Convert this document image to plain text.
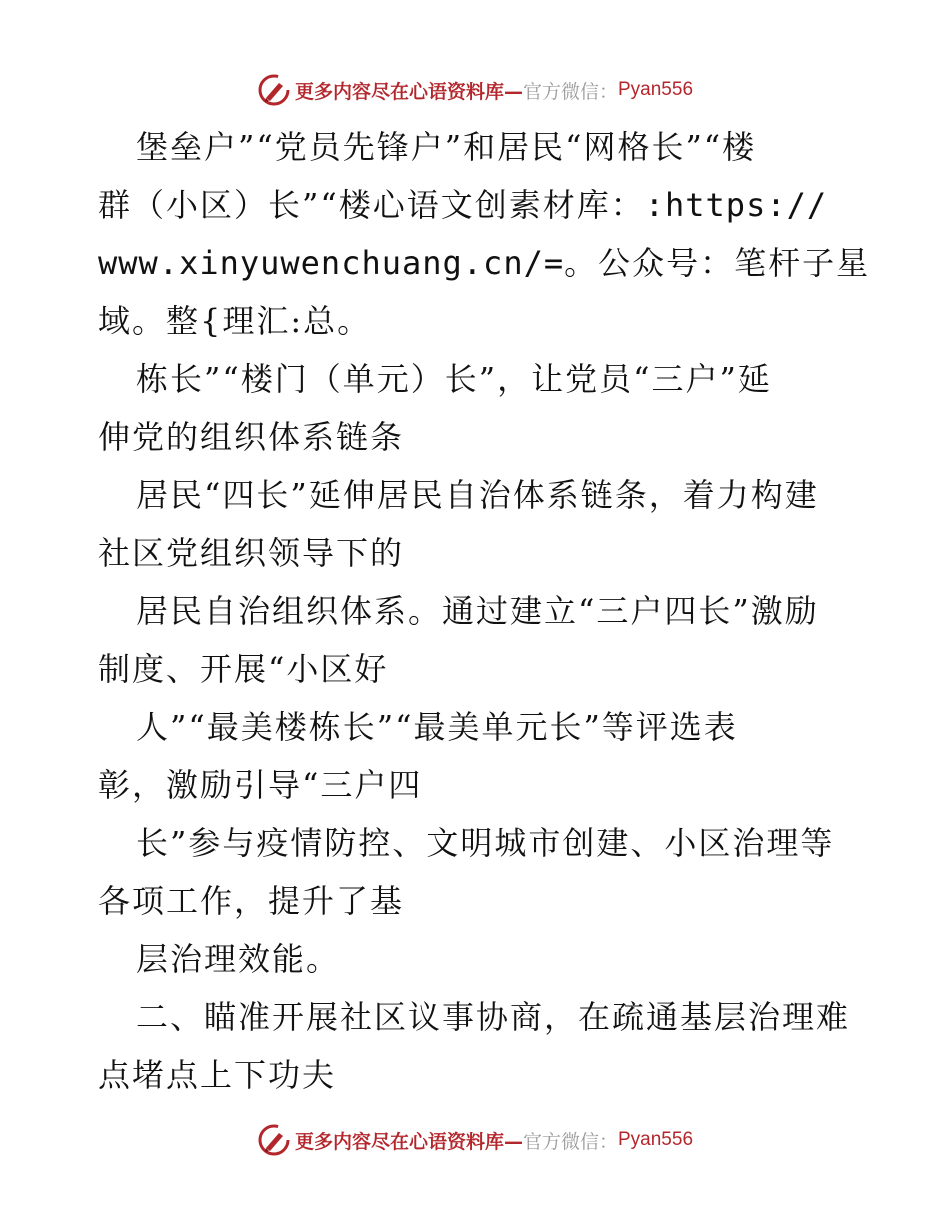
更多内容尽在心语资料库— 官方微信： Pyan556
堡垒户”“党员先锋户”和居民“网格长”“楼
群（小区）长”“楼心语文创素材库：:https://
www.xinyuwenchuang.cn/=。公众号：笔杆子星
域。整{理汇:总。
栋长”“楼门（单元）长”，让党员“三户”延
伸党的组织体系链条
居民“四长”延伸居民自治体系链条，着力构建
社区党组织领导下的
居民自治组织体系。通过建立“三户四长”激励
制度、开展“小区好
人”“最美楼栋长”“最美单元长”等评选表
彰，激励引导“三户四
长”参与疫情防控、文明城市创建、小区治理等
各项工作，提升了基
层治理效能。
二、瞄准开展社区议事协商，在疏通基层治理难
点堵点上下功夫
更多内容尽在心语资料库— 官方微信： Pyan556
